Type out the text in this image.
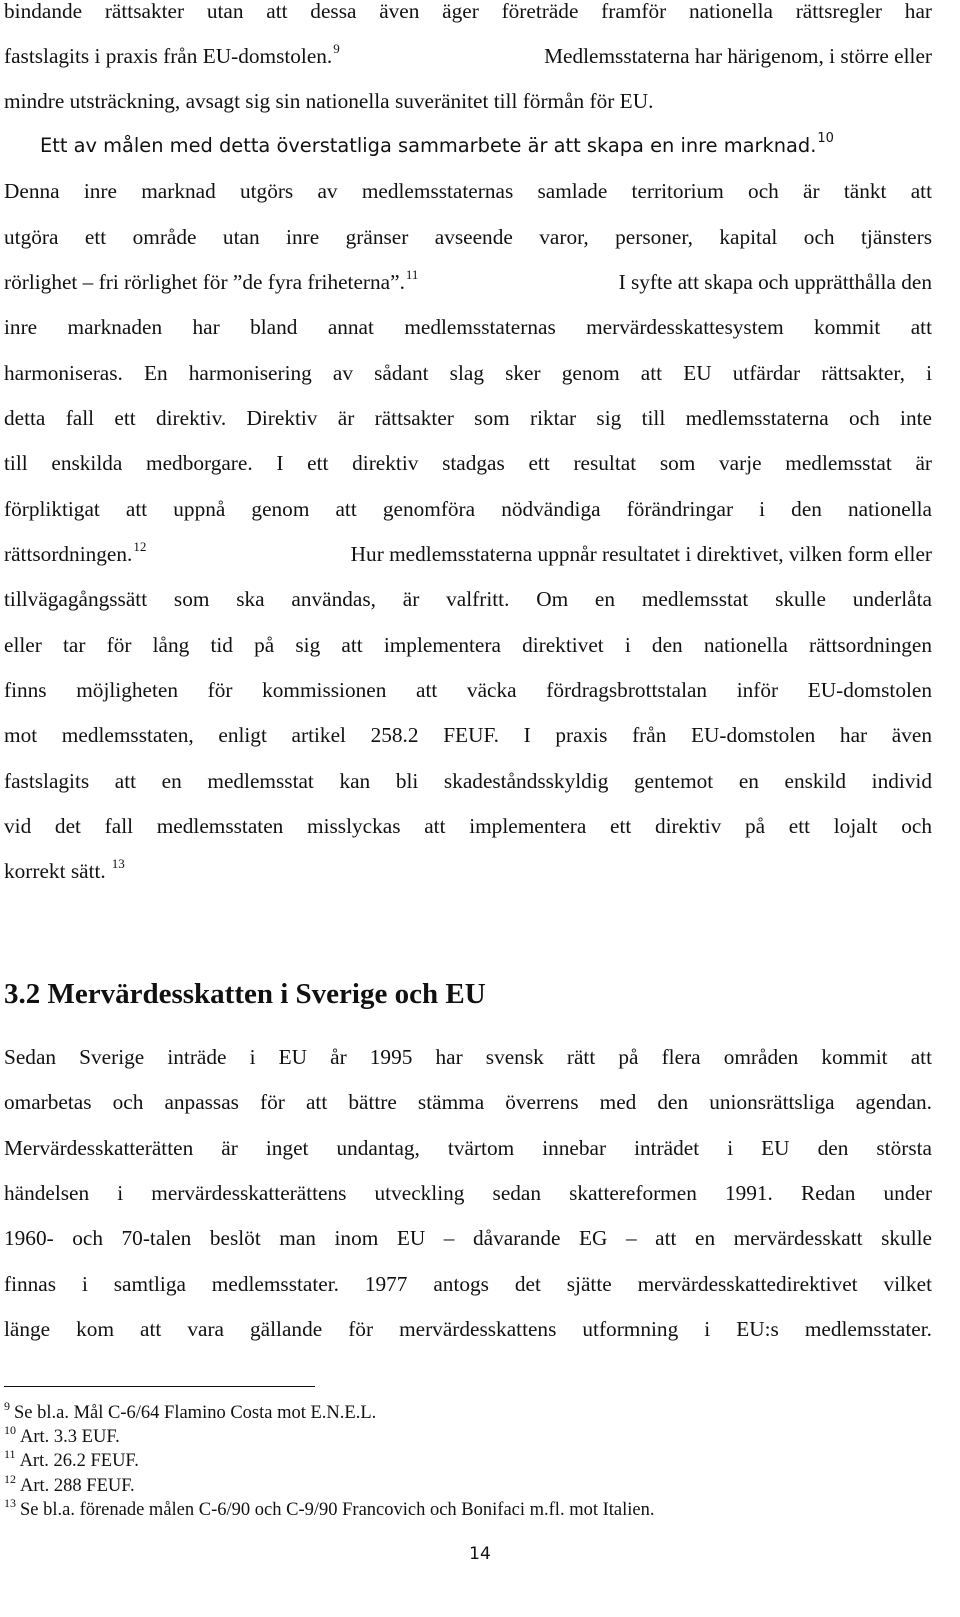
bindande rättsakter utan att dessa även äger företräde framför nationella rättsregler har
fastslagits i praxis från EU-domstolen.$^9$	Medlemsstaterna har härigenom, i större eller
mindre utsträckning, avsagt sig sin nationella suveränitet till förmån för EU.
Ett av målen med detta överstatliga sammarbete är att skapa en inre marknad.$^{10}$
Denna inre marknad utgörs av medlemsstaternas samlade territorium och är tänkt att
utgöra ett område utan inre gränser avseende varor, personer, kapital och tjänsters
rörlighet – fri rörlighet för ”de fyra friheterna”.$^{11}$	I syfte att skapa och upprätthålla den
inre marknaden har bland annat medlemsstaternas mervärdesskattesystem kommit att
harmoniseras. En harmonisering av sådant slag sker genom att EU utfärdar rättsakter, i
detta fall ett direktiv. Direktiv är rättsakter som riktar sig till medlemsstaterna och inte
till enskilda medborgare. I ett direktiv stadgas ett resultat som varje medlemsstat är
förpliktigat att uppnå genom att genomföra nödvändiga förändringar i den nationella
rättsordningen.$^{12}$	Hur medlemsstaterna uppnår resultatet i direktivet, vilken form eller
tillvägagångssätt som ska användas, är valfritt. Om en medlemsstat skulle underlåta
eller tar för lång tid på sig att implementera direktivet i den nationella rättsordningen
finns möjligheten för kommissionen att väcka fördragsbrottstalan inför EU-domstolen
mot medlemsstaten, enligt artikel 258.2 FEUF. I praxis från EU-domstolen har även
fastslagits att en medlemsstat kan bli skadeståndsskyldig gentemot en enskild individ
vid det fall medlemsstaten misslyckas att implementera ett direktiv på ett lojalt och
korrekt sätt. $^{13}$
3.2 Mervärdesskatten i Sverige och EU
Sedan Sverige inträde i EU år 1995 har svensk rätt på flera områden kommit att
omarbetas och anpassas för att bättre stämma överrens med den unionsrättsliga agendan.
Mervärdesskatterätten är inget undantag, tvärtom innebar inträdet i EU den största
händelsen i mervärdesskatterättens utveckling sedan skattereformen 1991. Redan under
1960- och 70-talen beslöt man inom EU – dåvarande EG – att en mervärdesskatt skulle
finnas i samtliga medlemsstater. 1977 antogs det sjätte mervärdesskattedirektivet vilket
länge kom att vara gällande för mervärdesskattens utformning i EU:s medlemsstater.
$^9$ Se bl.a. Mål C-6/64 Flamino Costa mot E.N.E.L.
$^{10}$ Art. 3.3 EUF.
$^{11}$ Art. 26.2 FEUF.
$^{12}$ Art. 288 FEUF.
$^{13}$ Se bl.a. förenade målen C-6/90 och C-9/90 Francovich och Bonifaci m.fl. mot Italien.
14
